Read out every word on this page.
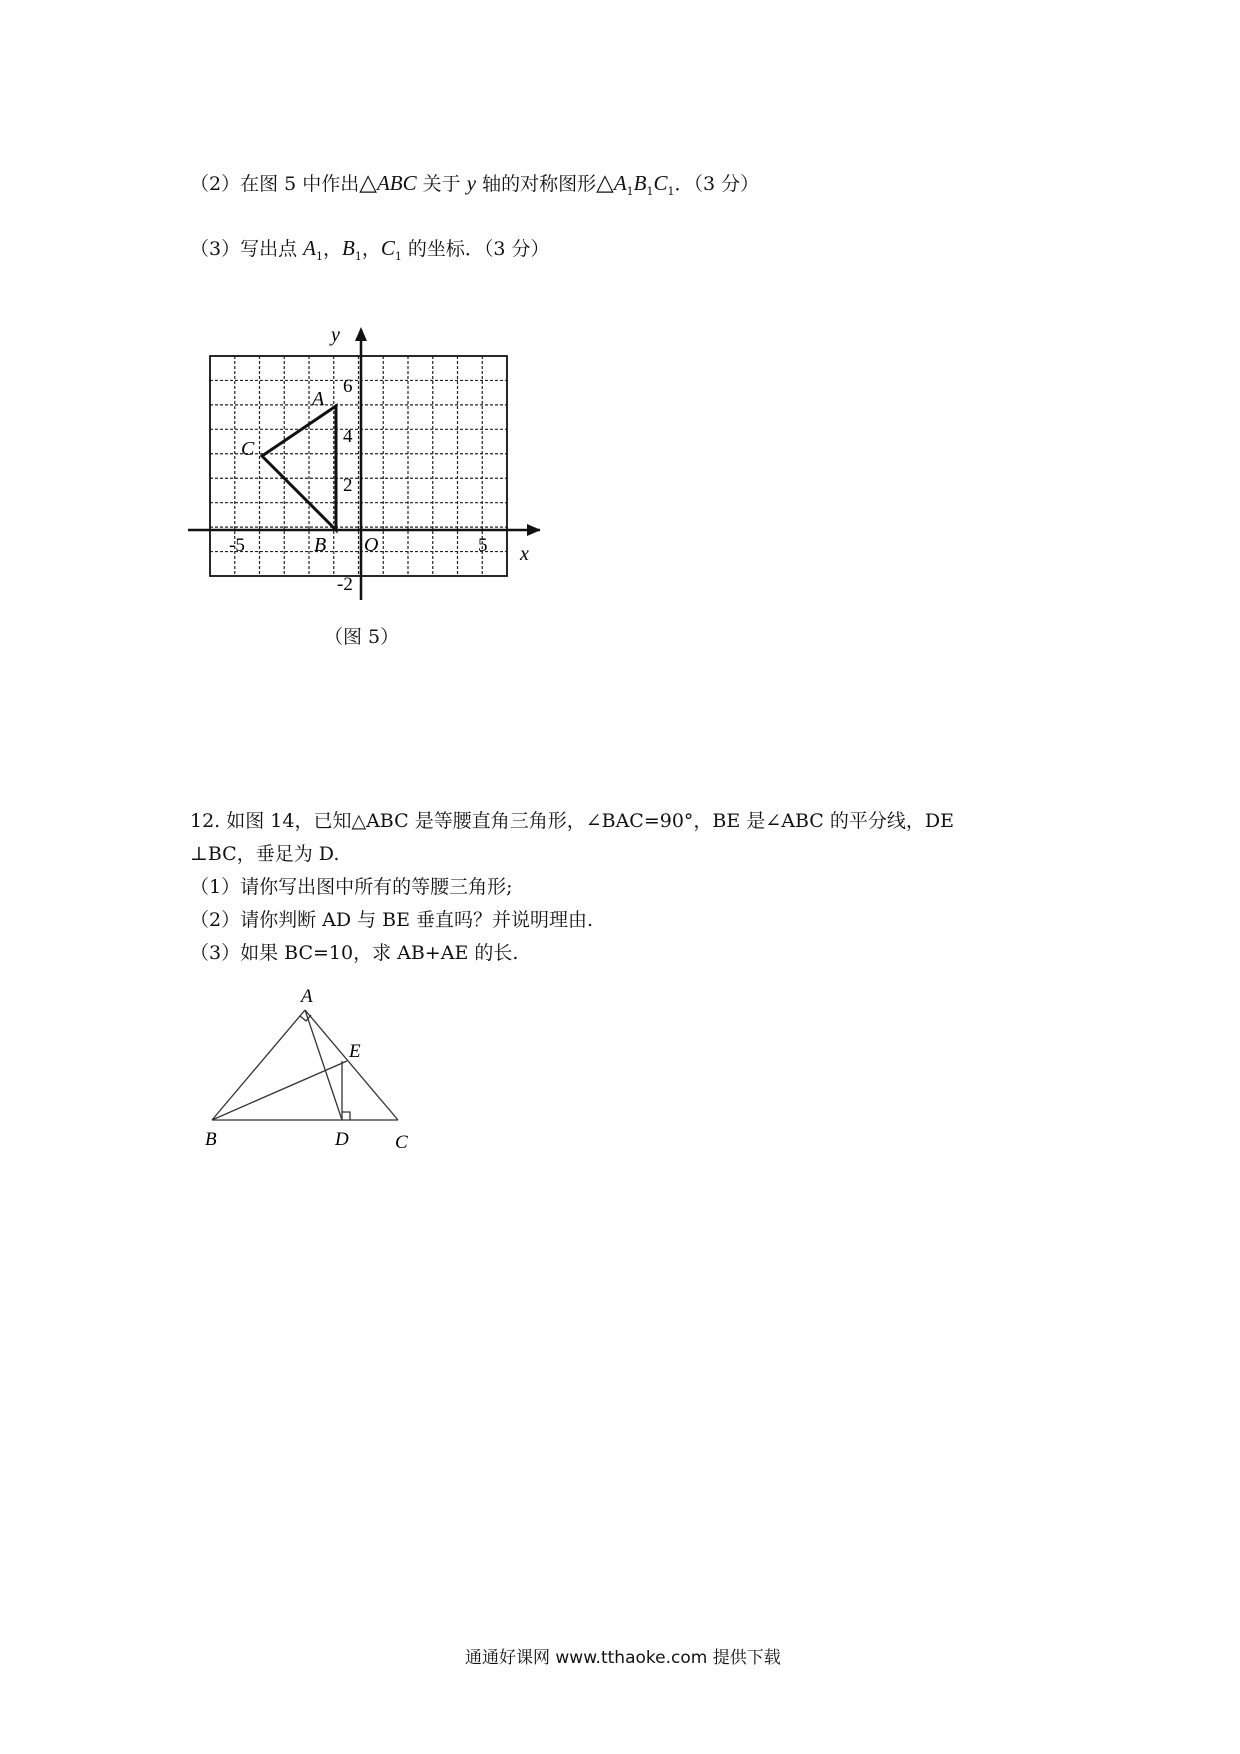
（2）在图 5 中作出△ABC 关于 y 轴的对称图形$\triangle A_1B_1C_1$．（3 分）
（3）写出点 $A_1$，$B_1$，$C_1$ 的坐标．（3 分）
y
x
O
6
4
2
-2
-5	5
A
B
C
（图 5）
12. 如图 14，已知△ABC 是等腰直角三角形，∠BAC=90°，BE 是∠ABC 的平分线，DE
⊥BC，垂足为 D.
（1）请你写出图中所有的等腰三角形;
（2）请你判断 AD 与 BE 垂直吗？并说明理由.
（3）如果 BC=10，求 AB+AE 的长.
A
B	C
D
E
通通好课网 www.tthaoke.com 提供下载
